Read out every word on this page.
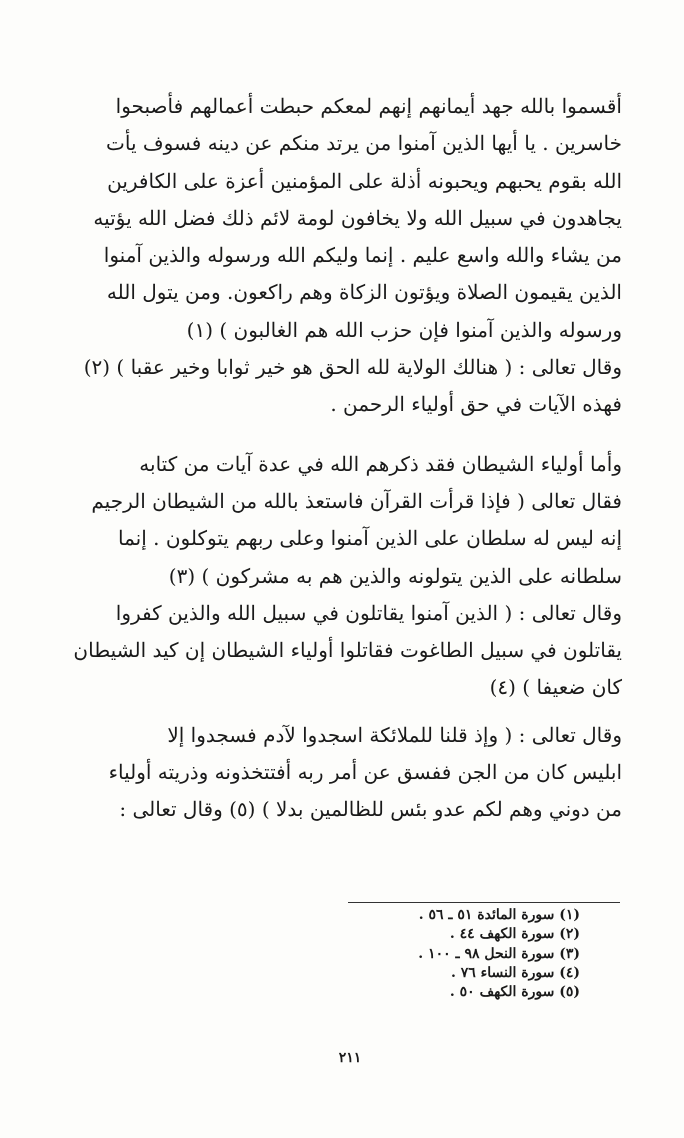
أقسموا بالله جهد أيمانهم إنهم لمعكم حبطت أعمالهم فأصبحوا
خاسرين . يا أيها الذين آمنوا من يرتد منكم عن دينه فسوف يأت
الله بقوم يحبهم ويحبونه أذلة على المؤمنين أعزة على الكافرين
يجاهدون في سبيل الله ولا يخافون لومة لائم ذلك فضل الله يؤتيه
من يشاء والله واسع عليم . إنما وليكم الله ورسوله والذين آمنوا
الذين يقيمون الصلاة ويؤتون الزكاة وهم راكعون. ومن يتول الله
ورسوله والذين آمنوا فإن حزب الله هم الغالبون ) (١)
وقال تعالى : ( هنالك الولاية لله الحق هو خير ثوابا وخير عقبا ) (٢)
فهذه الآيات في حق أولياء الرحمن .
وأما أولياء الشيطان فقد ذكرهم الله في عدة آيات من كتابه
فقال تعالى ( فإذا قرأت القرآن فاستعذ بالله من الشيطان الرجيم
إنه ليس له سلطان على الذين آمنوا وعلى ربهم يتوكلون . إنما
سلطانه على الذين يتولونه والذين هم به مشركون ) (٣)
وقال تعالى : ( الذين آمنوا يقاتلون في سبيل الله والذين كفروا
يقاتلون في سبيل الطاغوت فقاتلوا أولياء الشيطان إن كيد الشيطان
كان ضعيفا ) (٤)
وقال تعالى : ( وإذ قلنا للملائكة اسجدوا لآدم فسجدوا إلا
ابليس كان من الجن ففسق عن أمر ربه أفتتخذونه وذريته أولياء
من دوني وهم لكم عدو بئس للظالمين بدلا ) (٥) وقال تعالى :
(١) سورة المائدة ٥١ ـ ٥٦ .
(٢) سورة الكهف ٤٤ .
(٣) سورة النحل ٩٨ ـ ١٠٠ .
(٤) سورة النساء ٧٦ .
(٥) سورة الكهف ٥٠ .
٢١١
